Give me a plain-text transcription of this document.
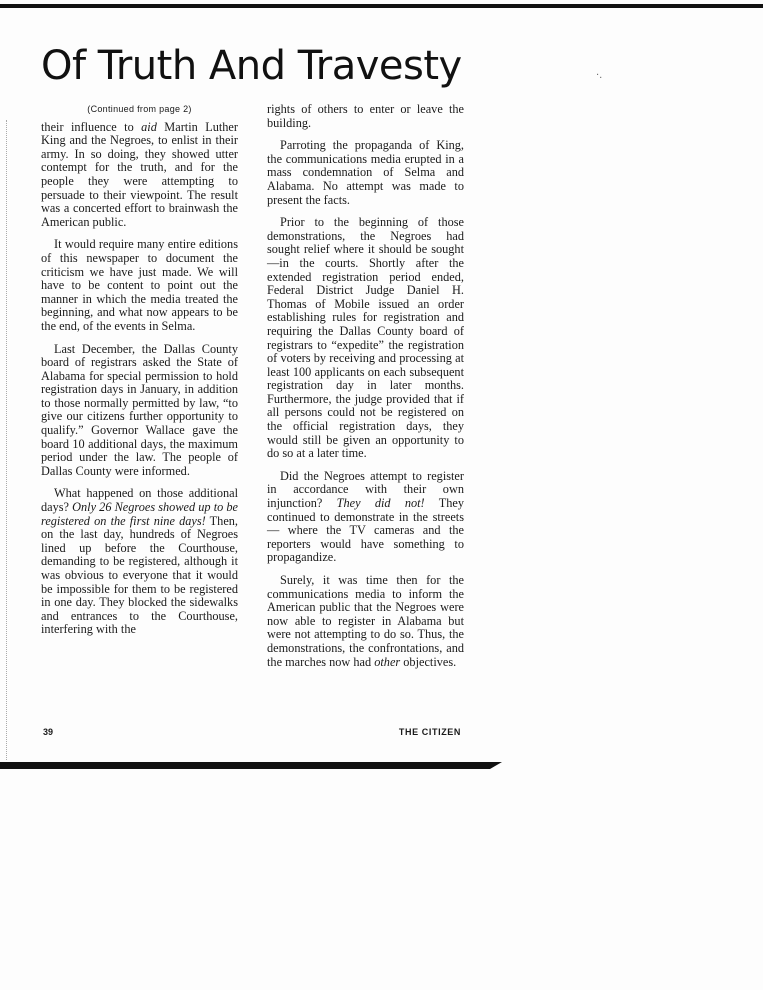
Of Truth And Travesty	·.
(Continued from page 2)

their influence to aid Martin Luther King and the Negroes, to enlist in their army. In so doing, they showed utter contempt for the truth, and for the people they were attempting to persuade to their viewpoint. The result was a concerted effort to brainwash the American public.

It would require many entire editions of this newspaper to document the criticism we have just made. We will have to be content to point out the manner in which the media treated the beginning, and what now appears to be the end, of the events in Selma.

Last December, the Dallas County board of registrars asked the State of Alabama for special permission to hold registration days in January, in addition to those normally permitted by law, “to give our citizens further opportunity to qualify.” Governor Wallace gave the board 10 additional days, the maximum period under the law. The people of Dallas County were informed.

What happened on those additional days? Only 26 Negroes showed up to be registered on the first nine days! Then, on the last day, hundreds of Negroes lined up before the Courthouse, demanding to be registered, although it was obvious to everyone that it would be impossible for them to be registered in one day. They blocked the sidewalks and entrances to the Courthouse, interfering with the

rights of others to enter or leave the building.

Parroting the propaganda of King, the communications media erupted in a mass condemnation of Selma and Alabama. No attempt was made to present the facts.

Prior to the beginning of those demonstrations, the Negroes had sought relief where it should be sought—in the courts. Shortly after the extended registration period ended, Federal District Judge Daniel H. Thomas of Mobile issued an order establishing rules for registration and requiring the Dallas County board of registrars to “expedite” the registration of voters by receiving and processing at least 100 applicants on each subsequent registration day in later months. Furthermore, the judge provided that if all persons could not be registered on the official registration days, they would still be given an opportunity to do so at a later time.

Did the Negroes attempt to register in accordance with their own injunction? They did not! They continued to demonstrate in the streets — where the TV cameras and the reporters would have something to propagandize.

Surely, it was time then for the communications media to inform the American public that the Negroes were now able to register in Alabama but were not attempting to do so. Thus, the demonstrations, the confrontations, and the marches now had other objectives.

39	THE CITIZEN
